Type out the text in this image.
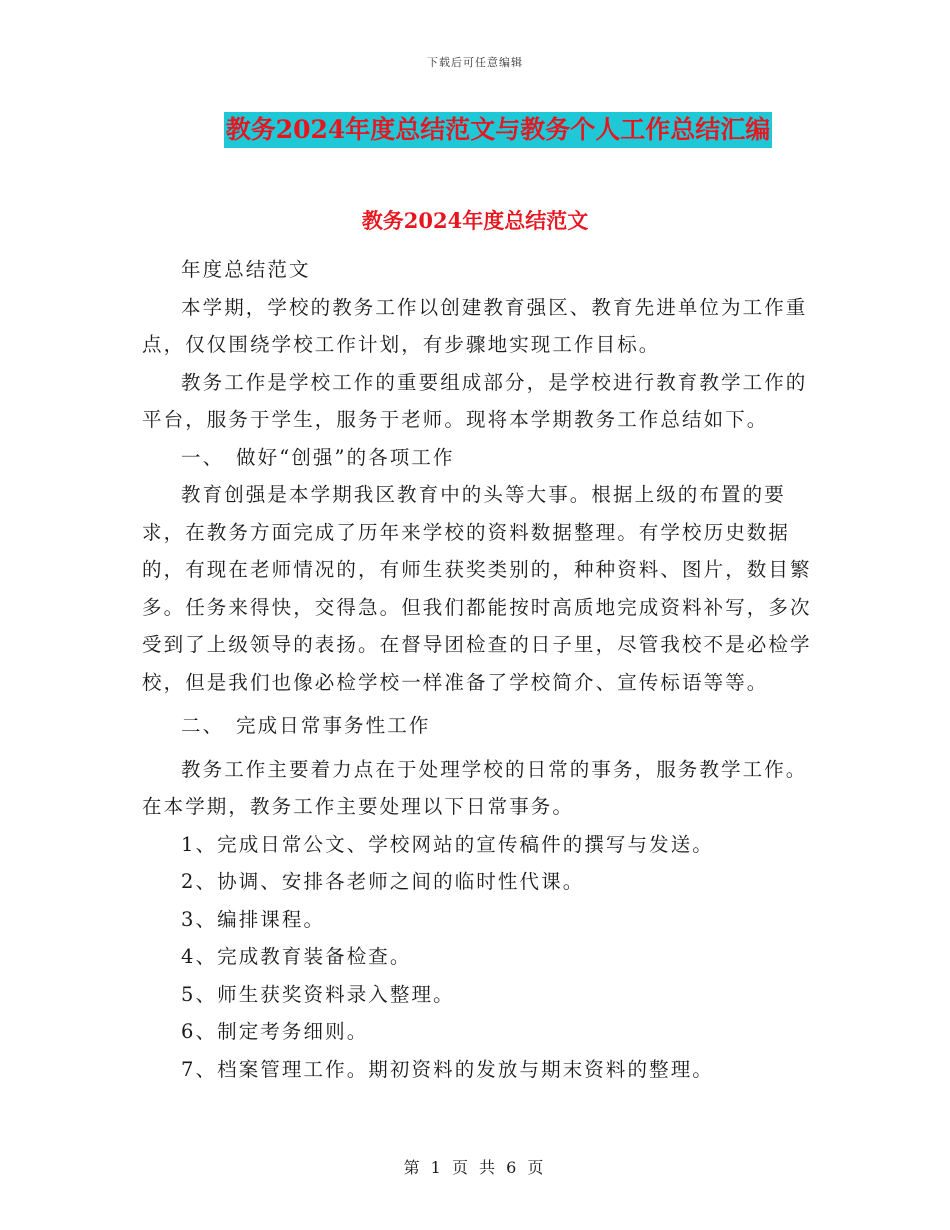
下载后可任意编辑
教务2024年度总结范文与教务个人工作总结汇编
教务2024年度总结范文

年度总结范文

本学期，学校的教务工作以创建教育强区、教育先进单位为工作重点，仅仅围绕学校工作计划，有步骤地实现工作目标。

教务工作是学校工作的重要组成部分，是学校进行教育教学工作的平台，服务于学生，服务于老师。现将本学期教务工作总结如下。

一、　做好“创强”的各项工作

教育创强是本学期我区教育中的头等大事。根据上级的布置的要求，在教务方面完成了历年来学校的资料数据整理。有学校历史数据的，有现在老师情况的，有师生获奖类别的，种种资料、图片，数目繁多。任务来得快，交得急。但我们都能按时高质地完成资料补写，多次受到了上级领导的表扬。在督导团检查的日子里，尽管我校不是必检学校，但是我们也像必检学校一样准备了学校简介、宣传标语等等。

二、　完成日常事务性工作

教务工作主要着力点在于处理学校的日常的事务，服务教学工作。在本学期，教务工作主要处理以下日常事务。

1、完成日常公文、学校网站的宣传稿件的撰写与发送。

2、协调、安排各老师之间的临时性代课。

3、编排课程。

4、完成教育装备检查。

5、师生获奖资料录入整理。

6、制定考务细则。

7、档案管理工作。期初资料的发放与期末资料的整理。

第 1 页 共 6 页
